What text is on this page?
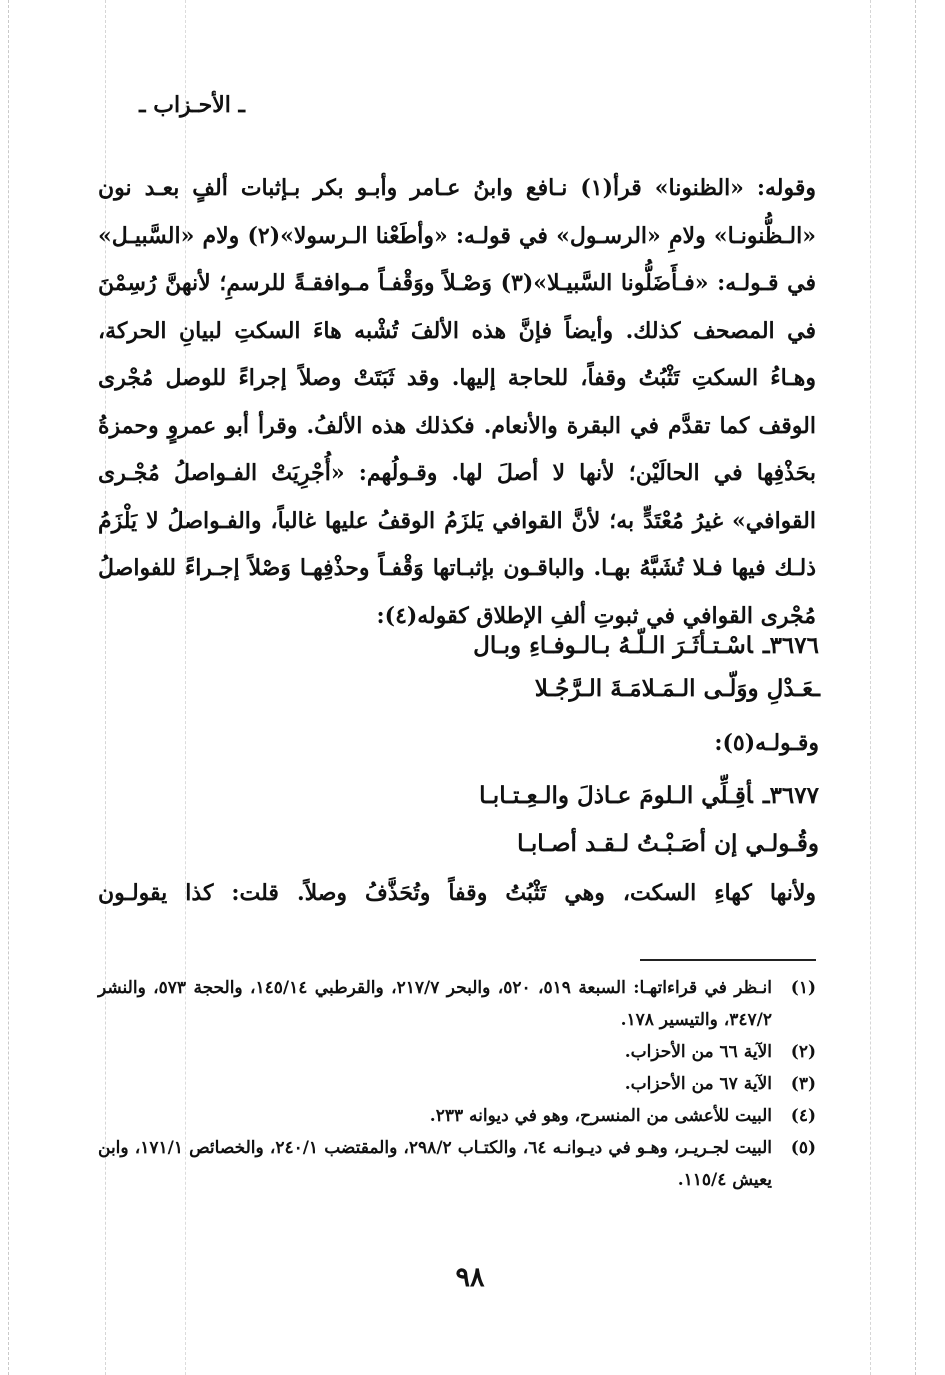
ـ الأحـزاب ـ

وقوله: «الظنونا» قرأ(١) نـافع وابنُ عـامر وأبـو بكر بـإثبات ألفٍ بعـد نون «الـظُّنونـا» ولامِ «الرسـول» في قولـه: «وأطَعْنا الـرسولا»(٢) ولام «السَّبيـل» في قـولـه: «فـأَضَلُّونا السَّبيـلا»(٣) وَصْـلاً ووَقْفـاً مـوافقـةً للرسمِ؛ لأنهنَّ رُسِمْنَ في المصحف كذلك. وأيضاً فإنَّ هذه الألفَ تُشْبه هاءَ السكتِ لبيانِ الحركة، وهـاءُ السكتِ تَثْبُتُ وقفاً، للحاجة إليها. وقد ثَبَتَتْ وصلاً إجراءً للوصل مُجْرى الوقف كما تقدَّم في البقرة والأنعام. فكذلك هذه الألفُ. وقرأ أبو عمروٍ وحمزةُ بحَذْفِها في الحالَيْن؛ لأنها لا أصلَ لها. وقـولُهم: «أُجْرِيَتْ الفـواصلُ مُجْـرى القوافي» غيرُ مُعْتَدٍّ به؛ لأنَّ القوافي يَلزَمُ الوقفُ عليها غالباً، والفـواصلُ لا يَلْزَمُ ذلـك فيها فـلا تُشَبَّهُ بهـا. والباقـون بإثبـاتها وَقْفـاً وحذْفِهـا وَصْلاً إجـراءً للفواصلُ مُجْرى القوافي في ثبوتِ ألفِ الإطلاق كقوله(٤):

٣٦٧٦ـاسْـتـأثَـرَ الـلّـهُ بـالـوفـاءِ وبـال
ـعَـدْلِ ووَلّـى الـمَـلامَـةَ الـرَّجُـلا
وقـولـه(٥):
٣٦٧٧ـأقِـلِّي الـلومَ عـاذلَ والـعِـتـابـا
وقُـولـي إن أصَـبْـتُ لـقـد أصـابـا
ولأنها كهاءِ السكت، وهي تَثْبُتُ وقفاً وتُحَذَّفُ وصلاً. قلت: كذا يقولـون
(١)
انـظر في قراءاتهـا: السبعة ٥١٩، ٥٢٠، والبحر ٢١٧/٧، والقرطبي ١٤٥/١٤، والحجة ٥٧٣، والنشر ٣٤٧/٢، والتيسير ١٧٨.
(٢)
الآية ٦٦ من الأحزاب.
(٣)
الآية ٦٧ من الأحزاب.
(٤)
البيت للأعشى من المنسرح، وهو في ديوانه ٢٣٣.
(٥)
البيت لجـريـر، وهـو في ديـوانـه ٦٤، والكتـاب ٢٩٨/٢، والمقتضب ٢٤٠/١، والخصائص ١٧١/١، وابن يعيش ١١٥/٤.
٩٨
